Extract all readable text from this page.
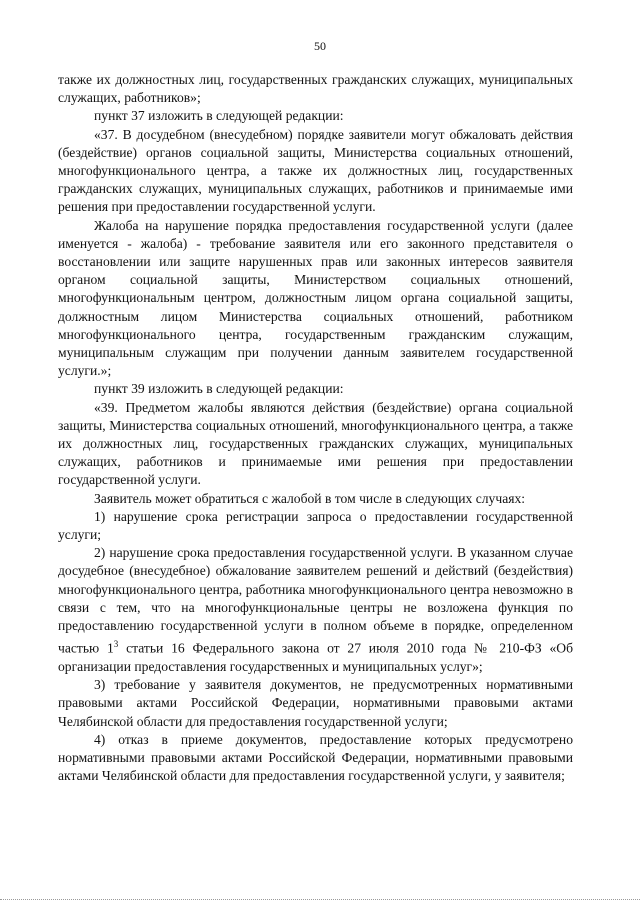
50

также их должностных лиц, государственных гражданских служащих, муниципальных служащих, работников»;

пункт 37 изложить в следующей редакции:

«37. В досудебном (внесудебном) порядке заявители могут обжаловать действия (бездействие) органов социальной защиты, Министерства социальных отношений, многофункционального центра, а также их должностных лиц, государственных гражданских служащих, муниципальных служащих, работников и принимаемые ими решения при предоставлении государственной услуги.

Жалоба на нарушение порядка предоставления государственной услуги (далее именуется - жалоба) - требование заявителя или его законного представителя о восстановлении или защите нарушенных прав или законных интересов заявителя органом социальной защиты, Министерством социальных отношений, многофункциональным центром, должностным лицом органа социальной защиты, должностным лицом Министерства социальных отношений, работником многофункционального центра, государственным гражданским служащим, муниципальным служащим при получении данным заявителем государственной услуги.»;

пункт 39 изложить в следующей редакции:

«39. Предметом жалобы являются действия (бездействие) органа социальной защиты, Министерства социальных отношений, многофункционального центра, а также их должностных лиц, государственных гражданских служащих, муниципальных служащих, работников и принимаемые ими решения при предоставлении государственной услуги.

Заявитель может обратиться с жалобой в том числе в следующих случаях:

1) нарушение срока регистрации запроса о предоставлении государственной услуги;

2) нарушение срока предоставления государственной услуги. В указанном случае досудебное (внесудебное) обжалование заявителем решений и действий (бездействия) многофункционального центра, работника многофункционального центра невозможно в связи с тем, что на многофункциональные центры не возложена функция по предоставлению государственной услуги в полном объеме в порядке, определенном частью $1^3$ статьи 16 Федерального закона от 27 июля 2010 года № 210-ФЗ «Об организации предоставления государственных и муниципальных услуг»;

3) требование у заявителя документов, не предусмотренных нормативными правовыми актами Российской Федерации, нормативными правовыми актами Челябинской области для предоставления государственной услуги;

4) отказ в приеме документов, предоставление которых предусмотрено нормативными правовыми актами Российской Федерации, нормативными правовыми актами Челябинской области для предоставления государственной услуги, у заявителя;
